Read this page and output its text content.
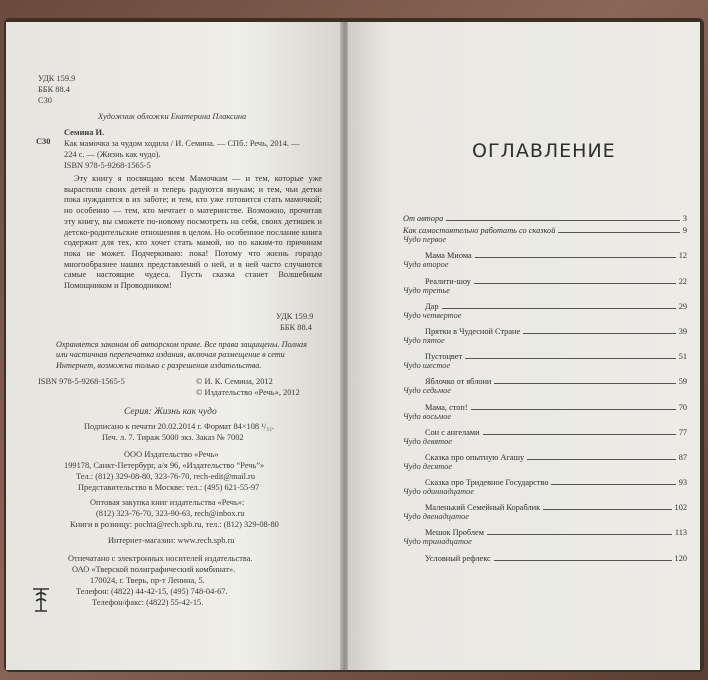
УДК 159.9
ББК 88.4
С30
Художник обложки Екатерина Плаксина
С30
Семина И.
Как мамочка за чудом ходила / И. Семина. — СПб.: Речь, 2014. —
224 с. — (Жизнь как чудо).
ISBN 978-5-9268-1565-5
Эту книгу я посвящаю всем Мамочкам — и тем, которые уже вырастили своих детей и теперь радуются внукам; и тем, чьи детки пока нуждаются в их заботе; и тем, кто уже готовится стать мамочкой; но особенно — тем, кто мечтает о материнстве. Возможно, прочитав эту книгу, вы сможете по-новому посмотреть на себя, своих детишек и детско-родительские отношения в целом. Но особенное послание книга содержит для тех, кто хочет стать мамой, но по каким-то причинам пока не может. Подчеркиваю: пока! Потому что жизнь гораздо многообразнее наших представлений о ней, и в ней часто случаются самые настоящие чудеса. Пусть сказка станет Волшебным Помощником и Проводником!
УДК 159.9
ББК 88.4
Охраняется законом об авторском праве. Все права защищены. Полная или частичная перепечатка издания, включая размещение в сети Интернет, возможна только с разрешения издательства.
ISBN 978-5-9268-1565-5	© И. К. Семина, 2012
© Издательство «Речь», 2012
Серия: Жизнь как чудо
Подписано к печати 20.02.2014 г. Формат 84×108 ¹/₃₂.
Печ. л. 7. Тираж 5000 экз. Заказ № 7002
ООО Издательство «Речь»
199178, Санкт-Петербург, а/я 96, «Издательство “Речь”»
Тел.: (812) 329-08-80, 323-76-70, rech-edit@mail.ru
Представительство в Москве: тел.: (495) 621-55-97
Оптовая закупка книг издательства «Речь»:
(812) 323-76-70, 323-90-63, rech@inbox.ru
Книги в розницу: pochta@rech.spb.ru, тел.: (812) 329-08-80
Интернет-магазин: www.rech.spb.ru
Отпечатано с электронных носителей издательства.
ОАО «Тверской полиграфический комбинат».
170024, г. Тверь, пр-т Ленина, 5.
Телефон: (4822) 44-42-15, (495) 748-04-67.
Телефон/факс: (4822) 55-42-15.
ОГЛАВЛЕНИЕ
От автора	3
Как самостоятельно работать со сказкой	9
Чудо первое
Мама Миома	12
Чудо второе
Реалити-шоу	22
Чудо третье
Дар	29
Чудо четвертое
Прятки в Чудесной Стране	39
Чудо пятое
Пустоцвет	51
Чудо шестое
Яблочко от яблони	59
Чудо седьмое
Мама, стоп!	70
Чудо восьмое
Сон с ангелами	77
Чудо девятое
Сказка про опытную Агашу	87
Чудо десятое
Сказка про Тридевное Государство	93
Чудо одиннадцатое
Маленький Семейный Кораблик	102
Чудо двенадцатое
Мешок Проблем	113
Чудо тринадцатое
Условный рефлекс	120
